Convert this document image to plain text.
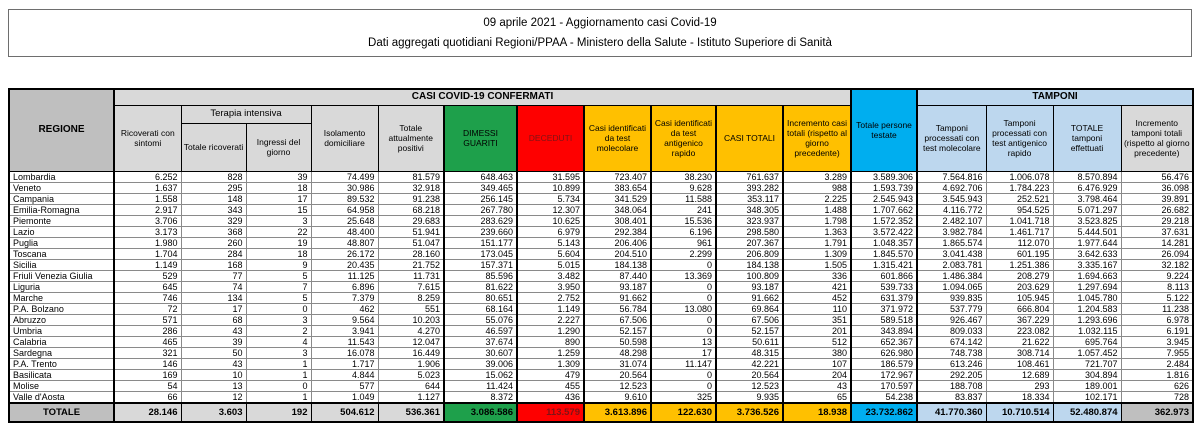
09 aprile 2021 - Aggiornamento casi Covid-19
Dati aggregati quotidiani Regioni/PPAA - Ministero della Salute - Istituto Superiore di Sanità
REGIONE	CASI COVID-19 CONFERMATI											Totale persone testate	TAMPONI			
	Ricoverati con sintomi	Terapia intensiva		Isolamento domiciliare	Totale attualmente positivi	DIMESSI GUARITI	DECEDUTI	Casi identificati da test molecolare	Casi identificati da test antigenico rapido	CASI TOTALI	Incremento casi totali (rispetto al giorno precedente)		Tamponi processati con test molecolare	Tamponi processati con test antigenico rapido	TOTALE tamponi effettuati	Incremento tamponi totali (rispetto al giorno precedente)
		Totale ricoverati	Ingressi del giorno													
Lombardia	6.252	828	39	74.499	81.579	648.463	31.595	723.407	38.230	761.637	3.289	3.589.306	7.564.816	1.006.078	8.570.894	56.476
Veneto	1.637	295	18	30.986	32.918	349.465	10.899	383.654	9.628	393.282	988	1.593.739	4.692.706	1.784.223	6.476.929	36.098
Campania	1.558	148	17	89.532	91.238	256.145	5.734	341.529	11.588	353.117	2.225	2.545.943	3.545.943	252.521	3.798.464	39.891
Emilia-Romagna	2.917	343	15	64.958	68.218	267.780	12.307	348.064	241	348.305	1.488	1.707.662	4.116.772	954.525	5.071.297	26.682
Piemonte	3.706	329	3	25.648	29.683	283.629	10.625	308.401	15.536	323.937	1.798	1.572.352	2.482.107	1.041.718	3.523.825	29.218
Lazio	3.173	368	22	48.400	51.941	239.660	6.979	292.384	6.196	298.580	1.363	3.572.422	3.982.784	1.461.717	5.444.501	37.631
Puglia	1.980	260	19	48.807	51.047	151.177	5.143	206.406	961	207.367	1.791	1.048.357	1.865.574	112.070	1.977.644	14.281
Toscana	1.704	284	18	26.172	28.160	173.045	5.604	204.510	2.299	206.809	1.309	1.845.570	3.041.438	601.195	3.642.633	26.094
Sicilia	1.149	168	9	20.435	21.752	157.371	5.015	184.138	0	184.138	1.505	1.315.421	2.083.781	1.251.386	3.335.167	32.182
Friuli Venezia Giulia	529	77	5	11.125	11.731	85.596	3.482	87.440	13.369	100.809	336	601.866	1.486.384	208.279	1.694.663	9.224
Liguria	645	74	7	6.896	7.615	81.622	3.950	93.187	0	93.187	421	539.733	1.094.065	203.629	1.297.694	8.113
Marche	746	134	5	7.379	8.259	80.651	2.752	91.662	0	91.662	452	631.379	939.835	105.945	1.045.780	5.122
P.A. Bolzano	72	17	0	462	551	68.164	1.149	56.784	13.080	69.864	110	371.972	537.779	666.804	1.204.583	11.238
Abruzzo	571	68	3	9.564	10.203	55.076	2.227	67.506	0	67.506	351	589.518	926.467	367.229	1.293.696	6.978
Umbria	286	43	2	3.941	4.270	46.597	1.290	52.157	0	52.157	201	343.894	809.033	223.082	1.032.115	6.191
Calabria	465	39	4	11.543	12.047	37.674	890	50.598	13	50.611	512	652.367	674.142	21.622	695.764	3.945
Sardegna	321	50	3	16.078	16.449	30.607	1.259	48.298	17	48.315	380	626.980	748.738	308.714	1.057.452	7.955
P.A. Trento	146	43	1	1.717	1.906	39.006	1.309	31.074	11.147	42.221	107	186.579	613.246	108.461	721.707	2.484
Basilicata	169	10	1	4.844	5.023	15.062	479	20.564	0	20.564	204	172.967	292.205	12.689	304.894	1.816
Molise	54	13	0	577	644	11.424	455	12.523	0	12.523	43	170.597	188.708	293	189.001	626
Valle d'Aosta	66	12	1	1.049	1.127	8.372	436	9.610	325	9.935	65	54.238	83.837	18.334	102.171	728
TOTALE	28.146	3.603	192	504.612	536.361	3.086.586	113.579	3.613.896	122.630	3.736.526	18.938	23.732.862	41.770.360	10.710.514	52.480.874	362.973
